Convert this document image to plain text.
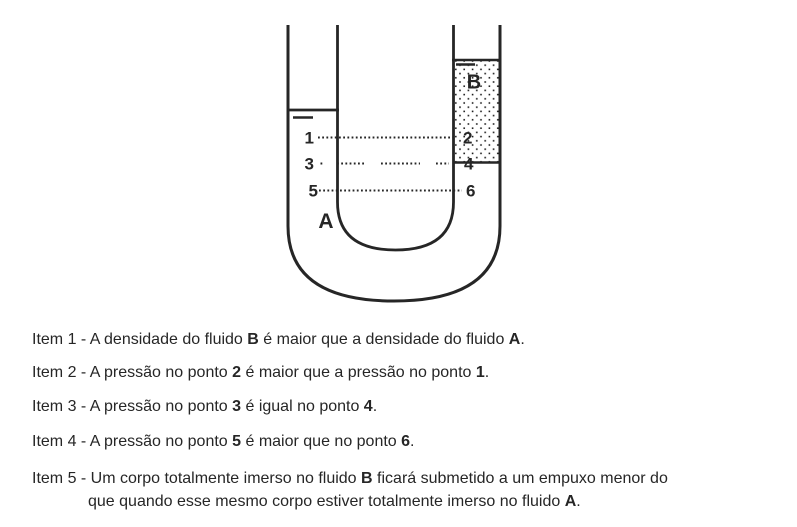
1
3
5
2
4
6
A
B
Item 1 - A densidade do fluido B é maior que a densidade do fluido A.
Item 2 - A pressão no ponto 2 é maior que a pressão no ponto 1.
Item 3 - A pressão no ponto 3 é igual no ponto 4.
Item 4 - A pressão no ponto 5 é maior que no ponto 6.
Item 5 - Um corpo totalmente imerso no fluido B ficará submetido a um empuxo menor do
que quando esse mesmo corpo estiver totalmente imerso no fluido A.
